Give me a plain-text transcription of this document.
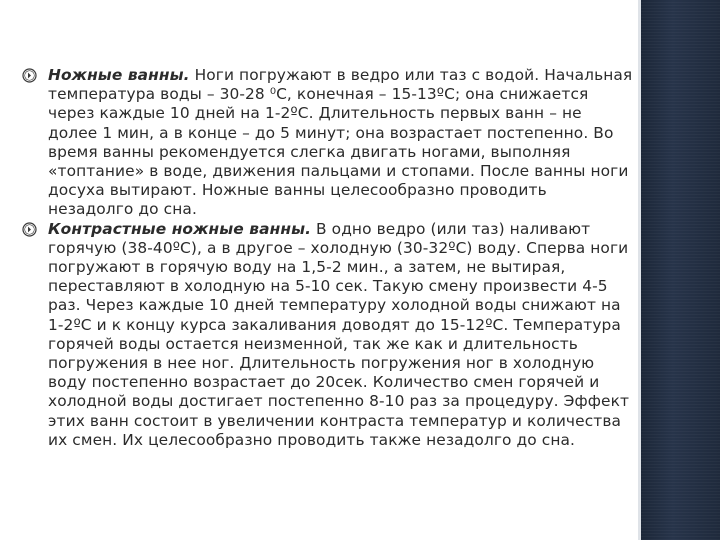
Ножные ванны. Ноги погружают в ведро или таз с водой. Начальная температура воды – 30-28 ⁰С, конечная – 15-13ºС; она снижается через каждые 10 дней на 1-2ºС. Длительность первых ванн – не долее 1 мин, а в конце – до 5 минут; она возрастает постепенно. Во время ванны рекомендуется слегка двигать ногами, выполняя «топтание» в воде, движения пальцами и стопами. После ванны ноги досуха вытирают. Ножные ванны целесообразно проводить незадолго до сна.

Контрастные ножные ванны. В одно ведро (или таз) наливают горячую (38-40ºС), а в другое – холодную (30-32ºС) воду. Сперва ноги погружают в горячую воду на 1,5-2 мин., а затем, не вытирая, переставляют в холодную на 5-10 сек. Такую смену произвести 4-5 раз. Через каждые 10 дней температуру холодной воды снижают на 1-2ºС и к концу курса закаливания доводят до 15-12ºС. Температура горячей воды остается неизменной, так же как и длительность погружения в нее ног. Длительность погружения ног в холодную воду постепенно возрастает до 20сек. Количество смен горячей и холодной воды достигает постепенно 8-10 раз за процедуру. Эффект этих ванн состоит в увеличении контраста температур и количества их смен. Их целесообразно проводить также незадолго до сна.
